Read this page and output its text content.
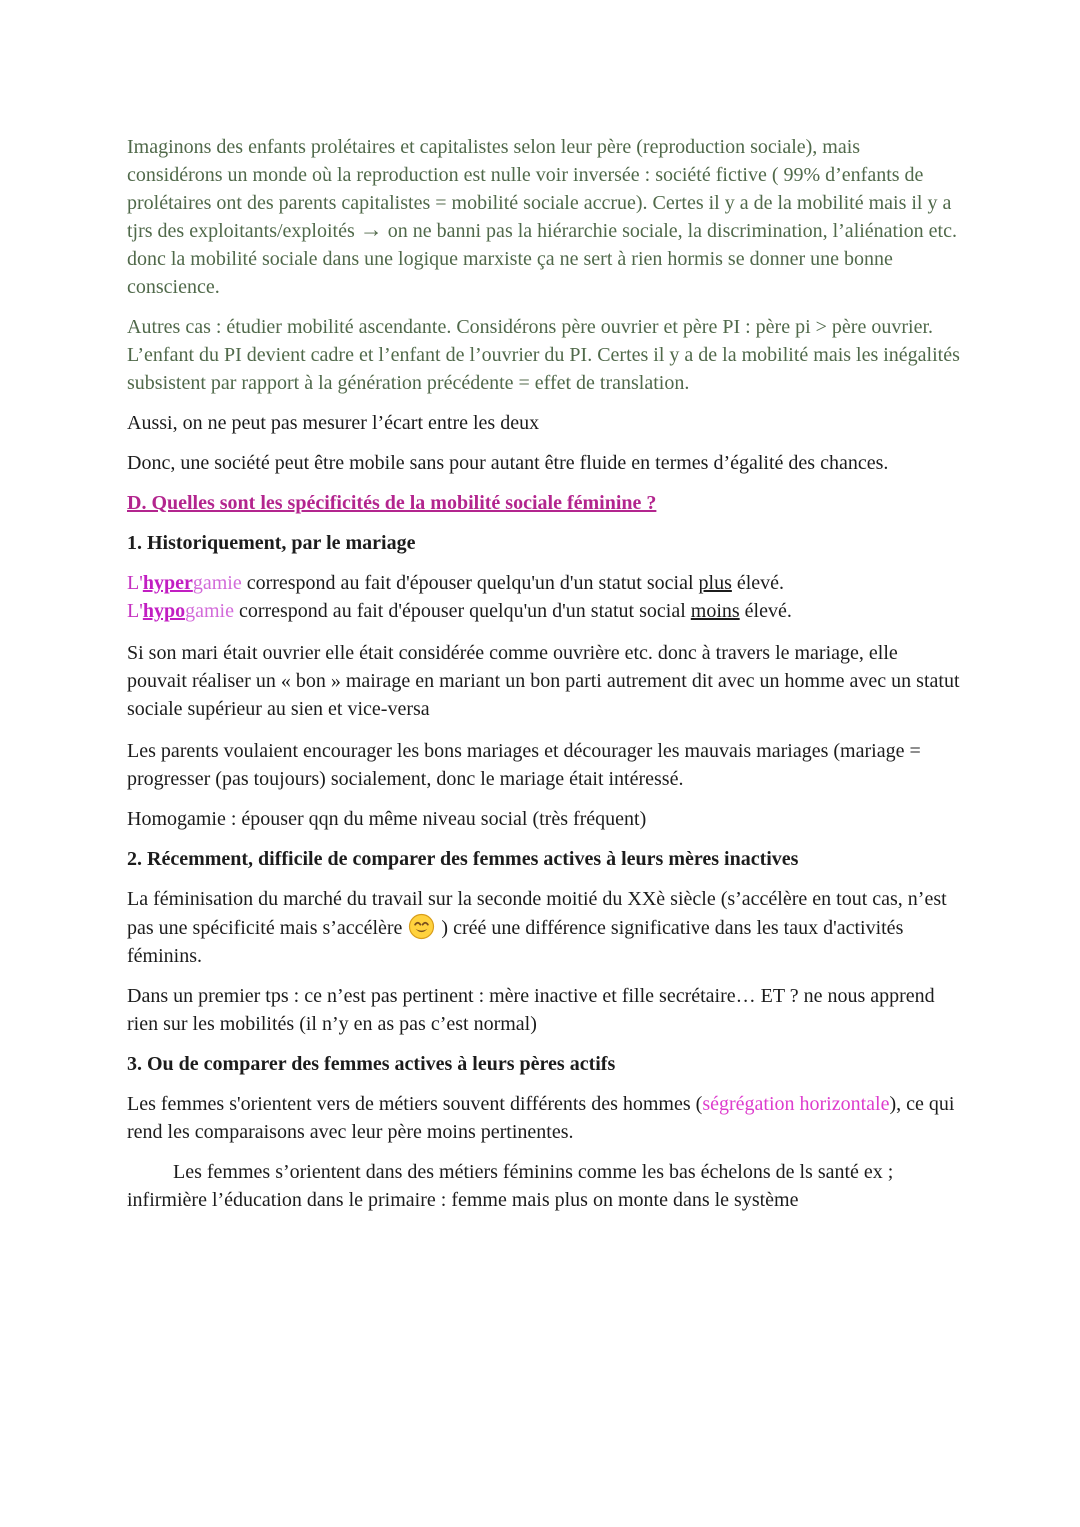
Imaginons des enfants prolétaires et capitalistes selon leur père (reproduction sociale), mais considérons un monde où la reproduction est nulle voir inversée : société fictive ( 99% d’enfants de prolétaires ont des parents capitalistes = mobilité sociale accrue). Certes il y a de la mobilité mais il y a tjrs des exploitants/exploités → on ne banni pas la hiérarchie sociale, la discrimination, l’aliénation etc. donc la mobilité sociale dans une logique marxiste ça ne sert à rien hormis se donner une bonne conscience.

Autres cas : étudier mobilité ascendante. Considérons père ouvrier et père PI : père pi > père ouvrier. L’enfant du PI devient cadre et l’enfant de l’ouvrier du PI. Certes il y a de la mobilité mais les inégalités subsistent par rapport à la génération précédente = effet de translation.

Aussi, on ne peut pas mesurer l’écart entre les deux

Donc, une société peut être mobile sans pour autant être fluide en termes d’égalité des chances.

D. Quelles sont les spécificités de la mobilité sociale féminine ?

1. Historiquement, par le mariage

L'hypergamie correspond au fait d'épouser quelqu'un d'un statut social plus élevé.
L'hypogamie correspond au fait d'épouser quelqu'un d'un statut social moins élevé.

Si son mari était ouvrier elle était considérée comme ouvrière etc. donc à travers le mariage, elle pouvait réaliser un « bon » mairage en mariant un bon parti autrement dit avec un homme avec un statut sociale supérieur au sien et vice-versa

Les parents voulaient encourager les bons mariages et décourager les mauvais mariages (mariage = progresser (pas toujours) socialement, donc le mariage était intéressé.

Homogamie : épouser qqn du même niveau social (très fréquent)

2. Récemment, difficile de comparer des femmes actives à leurs mères inactives

La féminisation du marché du travail sur la seconde moitié du XXè siècle (s’accélère en tout cas, n’est pas une spécificité mais s’accélère  ) créé une différence significative dans les taux d'activités féminins.

Dans un premier tps : ce n’est pas pertinent : mère inactive et fille secrétaire… ET ? ne nous apprend rien sur les mobilités (il n’y en as pas c’est normal)

3. Ou de comparer des femmes actives à leurs pères actifs

Les femmes s'orientent vers de métiers souvent différents des hommes (ségrégation horizontale), ce qui rend les comparaisons avec leur père moins pertinentes.

Les femmes s’orientent dans des métiers féminins comme les bas échelons de ls santé ex ; infirmière l’éducation dans le primaire : femme mais plus on monte dans le système
